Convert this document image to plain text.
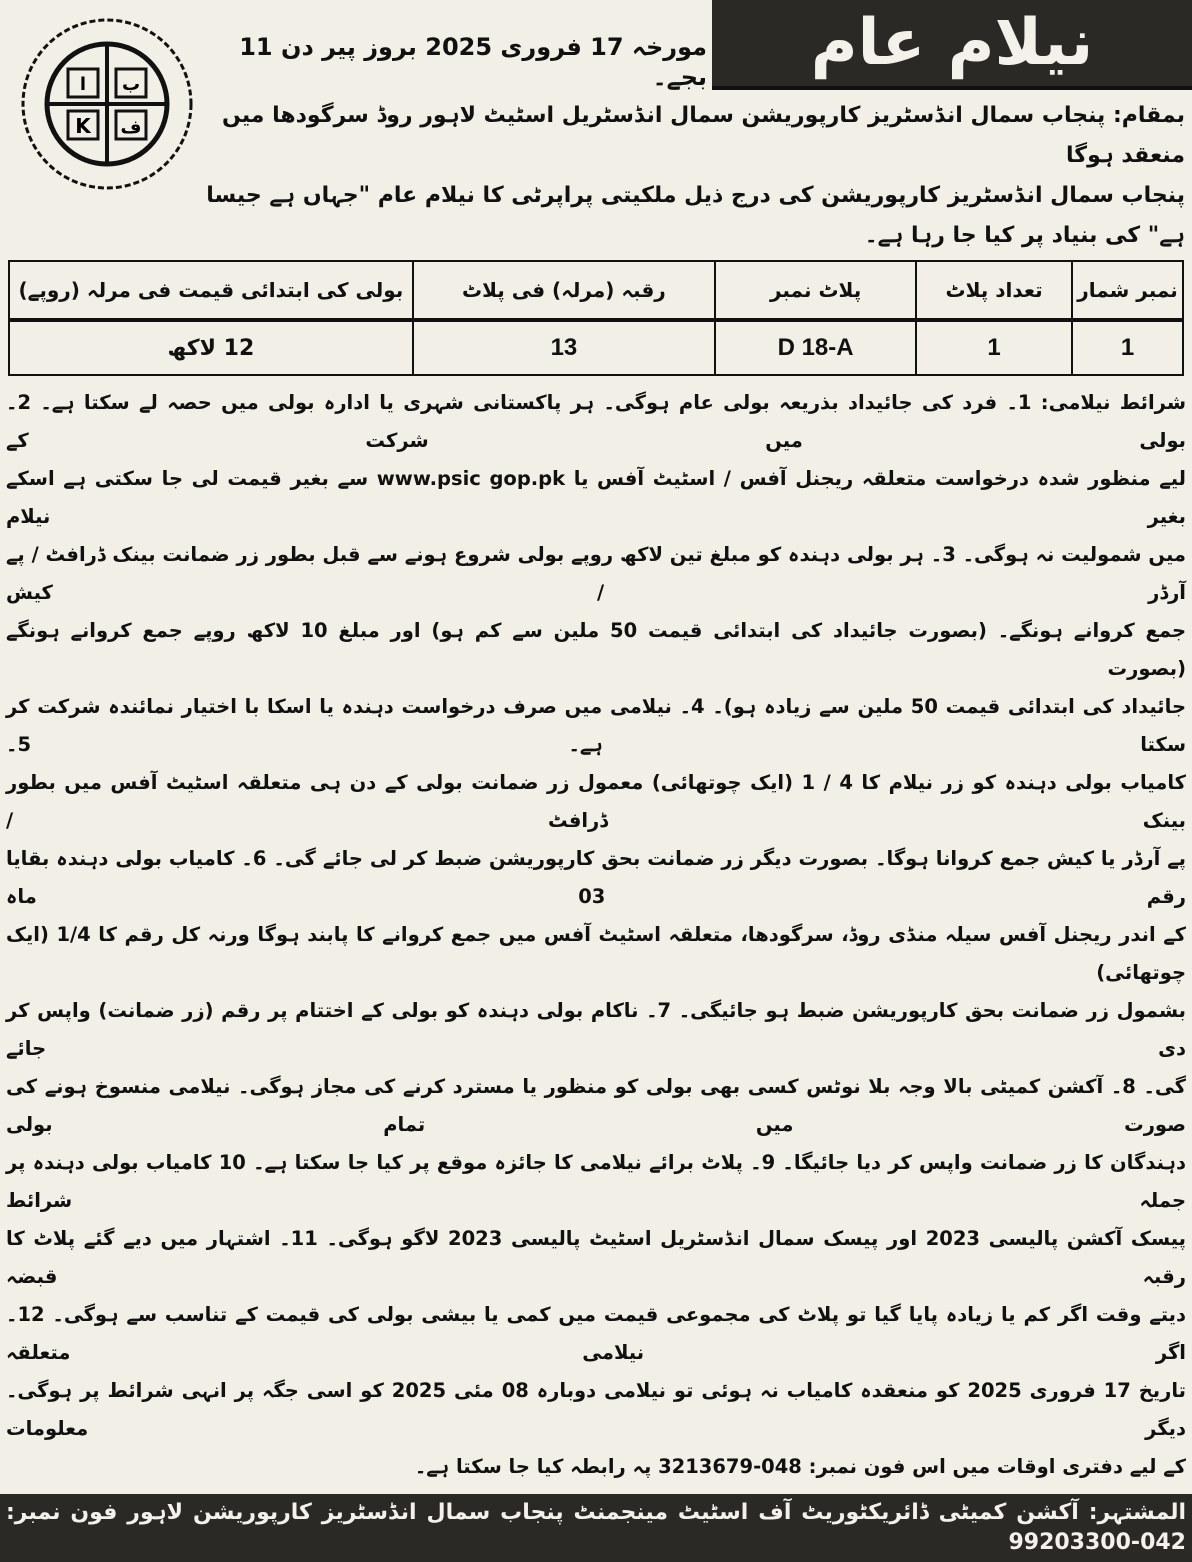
نیلام عام
ا
K
ب
ف
مورخہ 17 فروری 2025 بروز پیر دن 11 بجے۔
بمقام: پنجاب سمال انڈسٹریز کارپوریشن سمال انڈسٹریل اسٹیٹ لاہور روڈ سرگودھا میں منعقد ہوگا
پنجاب سمال انڈسٹریز کارپوریشن کی درج ذیل ملکیتی پراپرٹی کا نیلام عام "جہاں ہے جیسا ہے" کی بنیاد پر کیا جا رہا ہے۔
نمبر شمار	تعداد پلاٹ	پلاٹ نمبر	رقبہ (مرلہ) فی پلاٹ	بولی کی ابتدائی قیمت فی مرلہ (روپے)
1	1	D 18-A	13	12 لاکھ
شرائط نیلامی: 1۔ فرد کی جائیداد بذریعہ بولی عام ہوگی۔ ہر پاکستانی شہری یا ادارہ بولی میں حصہ لے سکتا ہے۔ 2۔ بولی میں شرکت کے
لیے منظور شدہ درخواست متعلقہ ریجنل آفس / اسٹیٹ آفس یا www.psic gop.pk سے بغیر قیمت لی جا سکتی ہے اسکے بغیر نیلام
میں شمولیت نہ ہوگی۔ 3۔ ہر بولی دہندہ کو مبلغ تین لاکھ روپے بولی شروع ہونے سے قبل بطور زر ضمانت بینک ڈرافٹ / پے آرڈر / کیش
جمع کروانے ہونگے۔ (بصورت جائیداد کی ابتدائی قیمت 50 ملین سے کم ہو) اور مبلغ 10 لاکھ روپے جمع کروانے ہونگے (بصورت
جائیداد کی ابتدائی قیمت 50 ملین سے زیادہ ہو)۔ 4۔ نیلامی میں صرف درخواست دہندہ یا اسکا با اختیار نمائندہ شرکت کر سکتا ہے۔ 5۔
کامیاب بولی دہندہ کو زر نیلام کا 4 / 1 (ایک چوتھائی) معمول زر ضمانت بولی کے دن ہی متعلقہ اسٹیٹ آفس میں بطور بینک ڈرافٹ /
پے آرڈر یا کیش جمع کروانا ہوگا۔ بصورت دیگر زر ضمانت بحق کارپوریشن ضبط کر لی جائے گی۔ 6۔ کامیاب بولی دہندہ بقایا رقم 03 ماہ
کے اندر ریجنل آفس سیلہ منڈی روڈ، سرگودھا، متعلقہ اسٹیٹ آفس میں جمع کروانے کا پابند ہوگا ورنہ کل رقم کا 1/4 (ایک چوتھائی)
بشمول زر ضمانت بحق کارپوریشن ضبط ہو جائیگی۔ 7۔ ناکام بولی دہندہ کو بولی کے اختتام پر رقم (زر ضمانت) واپس کر دی جائے
گی۔ 8۔ آکشن کمیٹی بالا وجہ بلا نوٹس کسی بھی بولی کو منظور یا مسترد کرنے کی مجاز ہوگی۔ نیلامی منسوخ ہونے کی صورت میں تمام بولی
دہندگان کا زر ضمانت واپس کر دیا جائیگا۔ 9۔ پلاٹ برائے نیلامی کا جائزہ موقع پر کیا جا سکتا ہے۔ 10 کامیاب بولی دہندہ پر جملہ شرائط
پیسک آکشن پالیسی 2023 اور پیسک سمال انڈسٹریل اسٹیٹ پالیسی 2023 لاگو ہوگی۔ 11۔ اشتہار میں دیے گئے پلاٹ کا رقبہ قبضہ
دیتے وقت اگر کم یا زیادہ پایا گیا تو پلاٹ کی مجموعی قیمت میں کمی یا بیشی بولی کی قیمت کے تناسب سے ہوگی۔ 12۔ اگر نیلامی متعلقہ
تاریخ 17 فروری 2025 کو منعقدہ کامیاب نہ ہوئی تو نیلامی دوبارہ 08 مئی 2025 کو اسی جگہ پر انہی شرائط پر ہوگی۔ دیگر معلومات
کے لیے دفتری اوقات میں اس فون نمبر: 048-3213679 پہ رابطہ کیا جا سکتا ہے۔
المشتہر: آکشن کمیٹی ڈائریکٹوریٹ آف اسٹیٹ مینجمنٹ پنجاب سمال انڈسٹریز کارپوریشن لاہور فون نمبر: 042-99203300
